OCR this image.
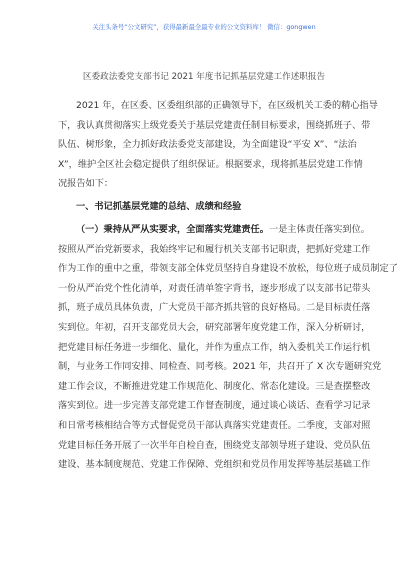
关注头条号“公文研究”，获得最新最全最专业的公文资料库！ 微信：gongwen
区委政法委党支部书记 2021 年度书记抓基层党建工作述职报告
2021 年，在区委、区委组织部的正确领导下，在区级机关工委的精心指导
下，我认真贯彻落实上级党委关于基层党建责任制目标要求，围绕抓班子、带
队伍、树形象，全力抓好政法委党支部建设，为全面建设“平安 X”、“法治
X”，维护全区社会稳定提供了组织保证。根据要求，现将抓基层党建工作情
况报告如下：
一、书记抓基层党建的总结、成绩和经验
（一）秉持从严从实要求，全面落实党建责任。一是主体责任落实到位。
按照从严治党新要求，我始终牢记和履行机关支部书记职责，把抓好党建工作
作为工作的重中之重，带领支部全体党员坚持自身建设不放松，每位班子成员制定了
一份从严治党个性化清单，对责任清单签字背书，逐步形成了以支部书记带头
抓，班子成员具体负责，广大党员干部齐抓共管的良好格局。二是目标责任落
实到位。年初，召开支部党员大会，研究部署年度党建工作，深入分析研讨，
把党建目标任务进一步细化、量化，并作为重点工作，纳入委机关工作运行机
制，与业务工作同安排、同检查、同考核。2021 年，共召开了 X 次专题研究党
建工作会议，不断推进党建工作规范化、制度化、常态化建设。三是查摆整改
落实到位。进一步完善支部党建工作督查制度，通过谈心谈话、查看学习记录
和日常考核相结合等方式督促党员干部认真落实党建责任。二季度，支部对照
党建目标任务开展了一次半年自检自查，围绕党支部领导班子建设、党员队伍
建设、基本制度规范、党建工作保障、党组织和党员作用发挥等基层基础工作
